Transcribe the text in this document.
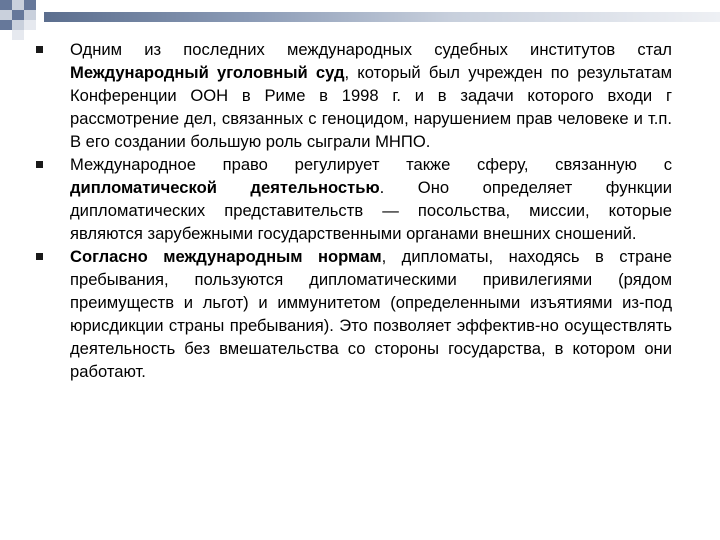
Одним из последних международных судебных институтов стал Международный уголовный суд, который был учрежден по результатам Конференции ООН в Риме в 1998 г. и в задачи которого входи г рассмотрение дел, связанных с геноцидом, нарушением прав человеке и т.п. В его создании большую роль сыграли МНПО.
Международное право регулирует также сферу, связанную с дипломатической деятельностью. Оно определяет функции дипломатических представительств — посольства, миссии, которые являются зарубежными государственными органами внешних сношений.
Согласно международным нормам, дипломаты, находясь в стране пребывания, пользуются дипломатическими привилегиями (рядом преимуществ и льгот) и иммунитетом (определенными изъятиями из-под юрисдикции страны пребывания). Это позволяет эффектив-но осуществлять деятельность без вмешательства со стороны государства, в котором они работают.
